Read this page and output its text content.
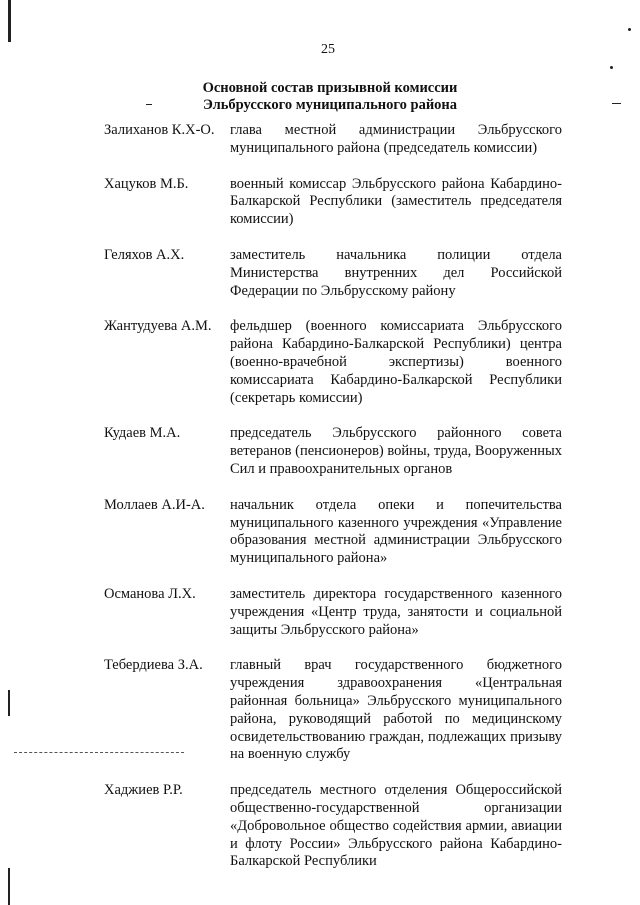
25
Основной состав призывной комиссии
Эльбрусского муниципального района
Залиханов К.Х-О.	глава местной администрации Эльбрусского муниципального района (председатель комиссии)
Хацуков М.Б.	военный комиссар Эльбрусского района Кабардино-Балкарской Республики (заместитель председателя комиссии)
Геляхов А.Х.	заместитель начальника полиции отдела Министерства внутренних дел Российской Федерации по Эльбрусскому району
Жантудуева А.М.	фельдшер (военного комиссариата Эльбрусского района Кабардино-Балкарской Республики) центра (военно-врачебной экспертизы) военного комиссариата Кабардино-Балкарской Республики (секретарь комиссии)
Кудаев М.А.	председатель Эльбрусского районного совета ветеранов (пенсионеров) войны, труда, Вооруженных Сил и правоохранительных органов
Моллаев А.И-А.	начальник отдела опеки и попечительства муниципального казенного учреждения «Управление образования местной администрации Эльбрусского муниципального района»
Османова Л.Х.	заместитель директора государственного казенного учреждения «Центр труда, занятости и социальной защиты Эльбрусского района»
Тебердиева З.А.	главный врач государственного бюджетного учреждения здравоохранения «Центральная районная больница» Эльбрусского муниципального района, руководящий работой по медицинскому освидетельствованию граждан, подлежащих призыву на военную службу
Хаджиев Р.Р.	председатель местного отделения Общероссийской общественно-государственной организации «Добровольное общество содействия армии, авиации и флоту России» Эльбрусского района Кабардино-Балкарской Республики
